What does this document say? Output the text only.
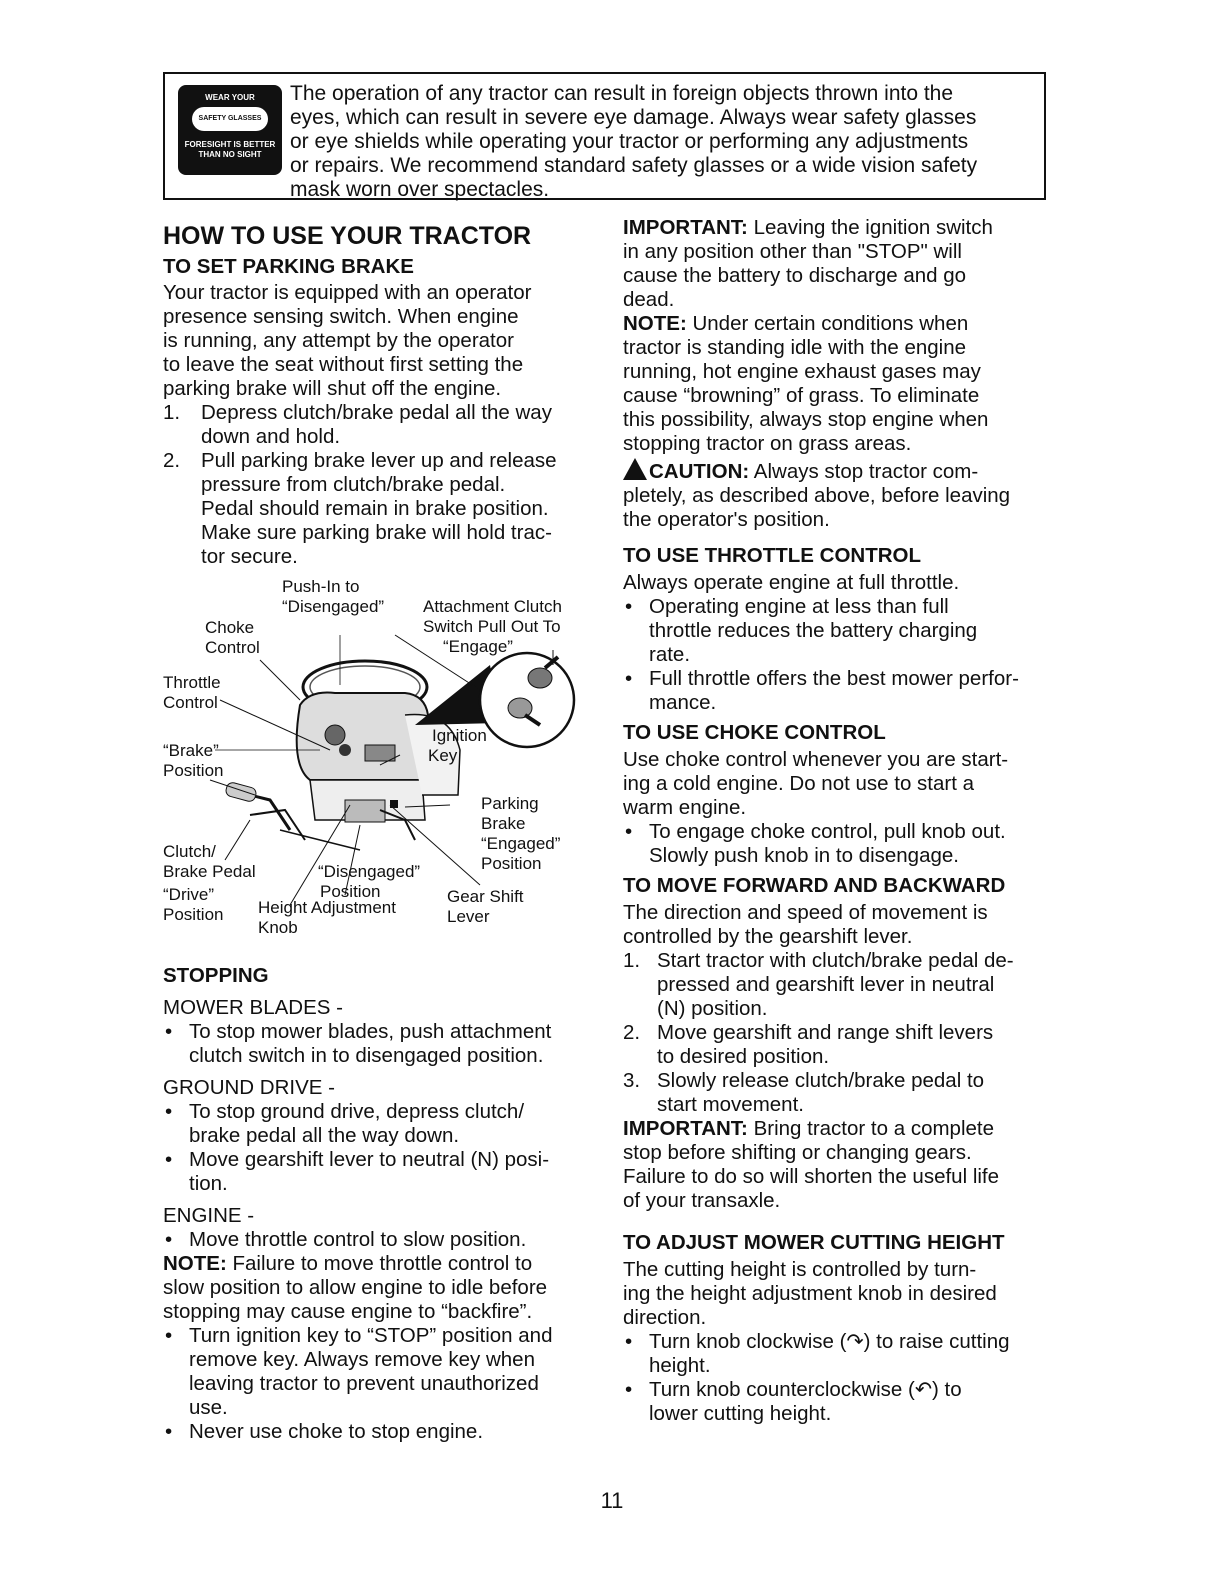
WEAR YOUR
SAFETY GLASSES
FORESIGHT IS BETTER THAN NO SIGHT

The operation of any tractor can result in foreign objects thrown into the

eyes, which can result in severe eye damage. Always wear safety glasses

or eye shields while operating your tractor or performing any adjustments

or repairs. We recommend standard safety glasses or a wide vision safety

mask worn over spectacles.

HOW TO USE YOUR TRACTOR
TO SET PARKING BRAKE

Your tractor is equipped with an operator

presence sensing switch. When engine

is running, any attempt by the operator

to leave the seat without first setting the

parking brake will shut off the engine.

1.	Depress clutch/brake pedal all the way

down and hold.

2.	Pull parking brake lever up and release

pressure from clutch/brake pedal.

Pedal should remain in brake position.

Make sure parking brake will hold trac-

tor secure.

Push-In to
“Disengaged” Attachment Clutch
Switch Pull Out To
“Engage”
Choke
Control
Throttle
Control
“Brake”
Position
Ignition
Key
Parking
Brake
“Engaged”
Position
Clutch/
Brake Pedal
“Drive”
Position
“Disengaged”
Position
Height Adjustment
Knob
Gear Shift
Lever
STOPPING

MOWER BLADES -

• To stop mower blades, push attachment

clutch switch in to disengaged position.

GROUND DRIVE -

• To stop ground drive, depress clutch/

brake pedal all the way down.

• Move gearshift lever to neutral (N) posi-

tion.

ENGINE -

• Move throttle control to slow position.

NOTE: Failure to move throttle control to

slow position to allow engine to idle before

stopping may cause engine to “backfire”.

• Turn ignition key to “STOP” position and

remove key. Always remove key when

leaving tractor to prevent unauthorized

use.

• Never use choke to stop engine.

IMPORTANT: Leaving the ignition switch

in any position other than "STOP" will

cause the battery to discharge and go

dead.

NOTE: Under certain conditions when
tractor is standing idle with the engine
running, hot engine exhaust gases may
cause “browning” of grass. To eliminate
this possibility, always stop engine when
stopping tractor on grass areas.

CAUTION: Always stop tractor com-

pletely, as described above, before leaving

the operator's position.

TO USE THROTTLE CONTROL

Always operate engine at full throttle.

• Operating engine at less than full

throttle reduces the battery charging

rate.

• Full throttle offers the best mower perfor-

mance.

TO USE CHOKE CONTROL

Use choke control whenever you are start-

ing a cold engine. Do not use to start a

warm engine.

• To engage choke control, pull knob out.

Slowly push knob in to disengage.

TO MOVE FORWARD AND BACKWARD

The direction and speed of movement is

controlled by the gearshift lever.

1. Start tractor with clutch/brake pedal de-

pressed and gearshift lever in neutral

(N) position.

2. Move gearshift and range shift levers

to desired position.

3. Slowly release clutch/brake pedal to

start movement.

IMPORTANT: Bring tractor to a complete

stop before shifting or changing gears.

Failure to do so will shorten the useful life

of your transaxle.

TO ADJUST MOWER CUTTING HEIGHT

The cutting height is controlled by turn-

ing the height adjustment knob in desired

direction.

• Turn knob clockwise (↷) to raise cutting

height.

• Turn knob counterclockwise (↶) to

lower cutting height.

11
